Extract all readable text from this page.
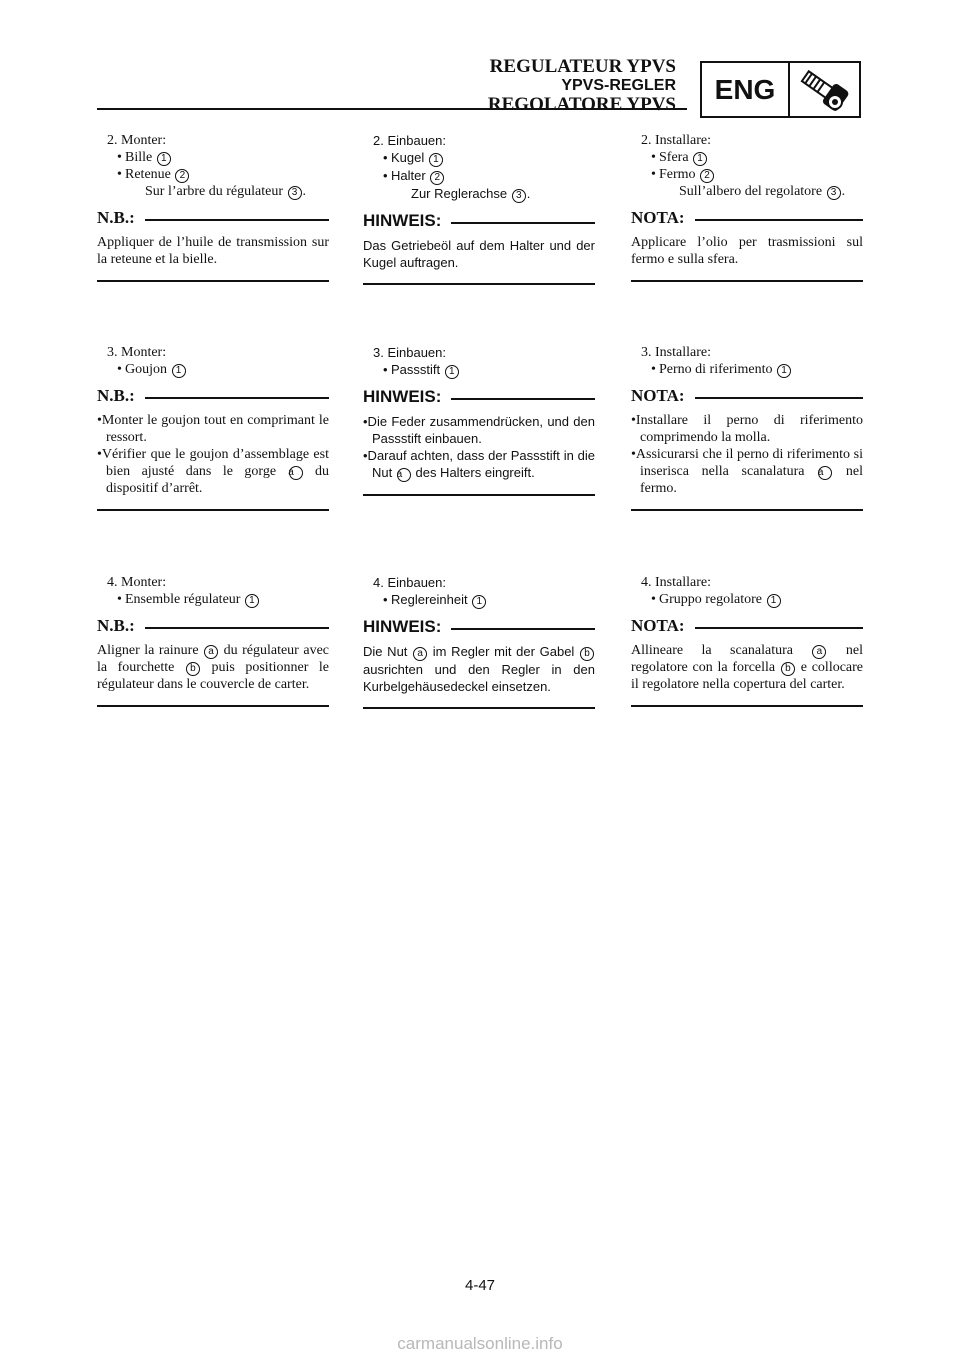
REGULATEUR YPVS
YPVS-REGLER
REGOLATORE YPVS	ENG
2. Monter:
• Bille 1
• Retenue 2
Sur l’arbre du régulateur 3 .
N.B.:
Appliquer de l’huile de transmission sur la reteune et la bielle.
3. Monter:
• Goujon 1
N.B.:
•Monter le goujon tout en comprimant le ressort.
•Vérifier que le goujon d’assemblage est bien ajusté dans le gorge a du dispositif d’arrêt.
4. Monter:
• Ensemble régulateur 1
N.B.:
Aligner la rainure a du régulateur avec la fourchette b puis positionner le régulateur dans le couvercle de carter.
2. Einbauen:
• Kugel 1
• Halter 2
Zur Reglerachse 3 .
HINWEIS:
Das Getriebeöl auf dem Halter und der Kugel auftragen.
3. Einbauen:
• Passstift 1
HINWEIS:
•Die Feder zusammendrücken, und den Passstift einbauen.
•Darauf achten, dass der Passstift in die Nut a des Halters eingreift.
4. Einbauen:
• Reglereinheit 1
HINWEIS:
Die Nut a im Regler mit der Gabel b ausrichten und den Regler in den Kurbelgehäusedeckel einsetzen.
2. Installare:
• Sfera 1
• Fermo 2
Sull’albero del regolatore 3 .
NOTA:
Applicare l’olio per trasmissioni sul fermo e sulla sfera.
3. Installare:
• Perno di riferimento 1
NOTA:
•Installare il perno di riferimento comprimendo la molla.
•Assicurarsi che il perno di riferimento si inserisca nella scanalatura a nel fermo.
4. Installare:
• Gruppo regolatore 1
NOTA:
Allineare la scanalatura a nel regolatore con la forcella b e collocare il regolatore nella copertura del carter.
4-47
carmanualsonline.info
